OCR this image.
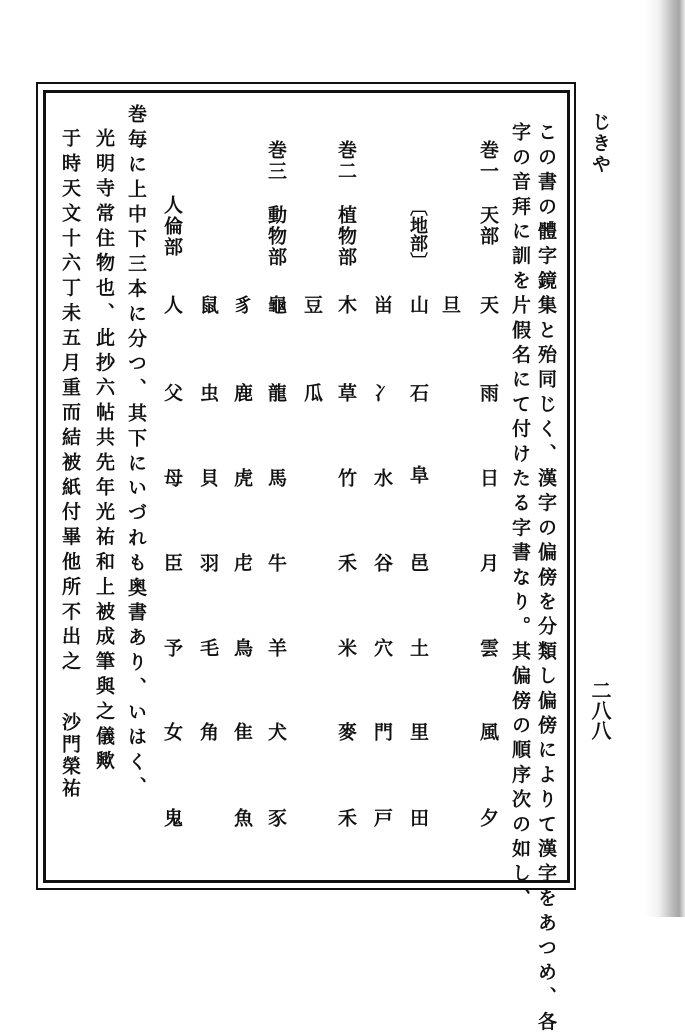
じきや
二八八
この書の體字鏡集と殆同じく、漢字の偏傍を分類し偏傍によりて漢字をあつめ、各
字の音拜に訓を片假名にて付けたる字書なり。其偏傍の順序次の如し、
巻一
天部
天
雨
日
月
雲
風
夕
旦
〔地部〕
山
石
阜
邑
土
里
田
畄
冫
水
谷
穴
門
戸
巻二
植物部
木
草
竹
禾
米
麥
禾
豆
瓜
巻三
動物部
龜
龍
馬
牛
羊
犬
豕
豸
鹿
虎
虍
鳥
隹
魚
鼠
虫
貝
羽
毛
角
人倫部
人
父
母
臣
予
女
鬼
巻毎に上中下三本に分つ、其下にいづれも奥書あり、いはく、
光明寺常住物也、此抄六帖共先年光祐和上被成筆與之儀歟
于時天文十六丁未五月重而結被紙付畢他所不出之
沙門榮祐
